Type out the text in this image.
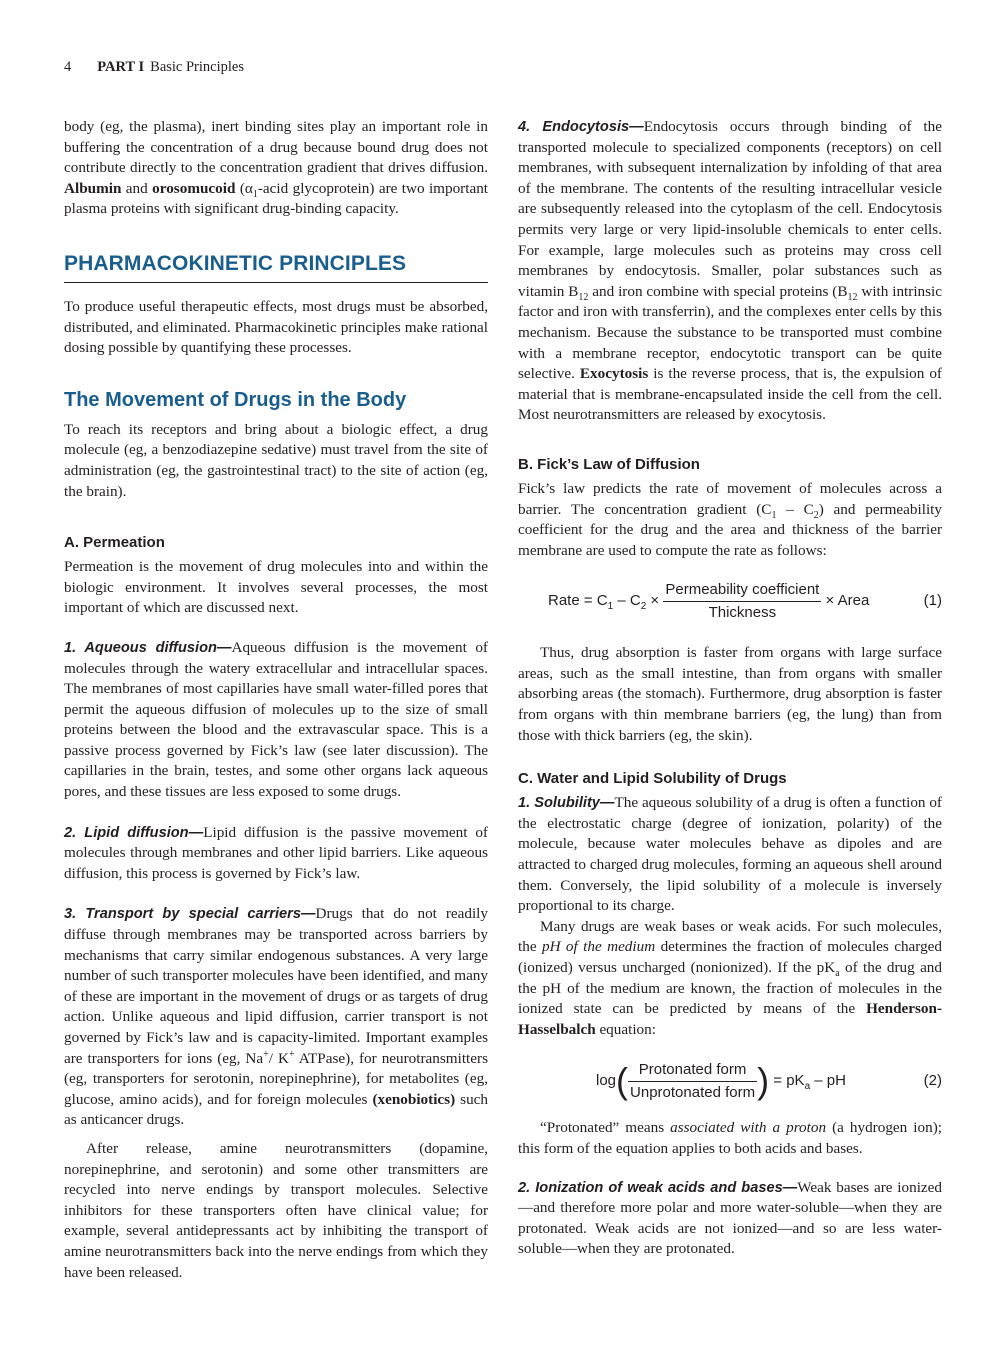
4 PART I Basic Principles

body (eg, the plasma), inert binding sites play an important role in buffering the concentration of a drug because bound drug does not contribute directly to the concentration gradient that drives diffusion. Albumin and orosomucoid ($\alpha_1$-acid glycoprotein) are two important plasma proteins with significant drug-binding capacity.

PHARMACOKINETIC PRINCIPLES

To produce useful therapeutic effects, most drugs must be absorbed, distributed, and eliminated. Pharmacokinetic principles make rational dosing possible by quantifying these processes.

The Movement of Drugs in the Body

To reach its receptors and bring about a biologic effect, a drug molecule (eg, a benzodiazepine sedative) must travel from the site of administration (eg, the gastrointestinal tract) to the site of action (eg, the brain).

A. Permeation

Permeation is the movement of drug molecules into and within the biologic environment. It involves several processes, the most important of which are discussed next.

1. Aqueous diffusion—Aqueous diffusion is the movement of molecules through the watery extracellular and intracellular spaces. The membranes of most capillaries have small water-filled pores that permit the aqueous diffusion of molecules up to the size of small proteins between the blood and the extravascular space. This is a passive process governed by Fick’s law (see later discussion). The capillaries in the brain, testes, and some other organs lack aqueous pores, and these tissues are less exposed to some drugs.

2. Lipid diffusion—Lipid diffusion is the passive movement of molecules through membranes and other lipid barriers. Like aqueous diffusion, this process is governed by Fick’s law.

3. Transport by special carriers—Drugs that do not readily diffuse through membranes may be transported across barriers by mechanisms that carry similar endogenous substances. A very large number of such transporter molecules have been identified, and many of these are important in the movement of drugs or as targets of drug action. Unlike aqueous and lipid diffusion, carrier transport is not governed by Fick’s law and is capacity-limited. Important examples are transporters for ions (eg, Na+/ K+ ATPase), for neurotransmitters (eg, transporters for serotonin, norepinephrine), for metabolites (eg, glucose, amino acids), and for foreign molecules (xenobiotics) such as anticancer drugs.

After release, amine neurotransmitters (dopamine, norepinephrine, and serotonin) and some other transmitters are recycled into nerve endings by transport molecules. Selective inhibitors for these transporters often have clinical value; for example, several antidepressants act by inhibiting the transport of amine neurotransmitters back into the nerve endings from which they have been released.

4. Endocytosis—Endocytosis occurs through binding of the transported molecule to specialized components (receptors) on cell membranes, with subsequent internalization by infolding of that area of the membrane. The contents of the resulting intracellular vesicle are subsequently released into the cytoplasm of the cell. Endocytosis permits very large or very lipid-insoluble chemicals to enter cells. For example, large molecules such as proteins may cross cell membranes by endocytosis. Smaller, polar substances such as vitamin $B_{12}$ and iron combine with special proteins ($B_{12}$ with intrinsic factor and iron with transferrin), and the complexes enter cells by this mechanism. Because the substance to be transported must combine with a membrane receptor, endocytotic transport can be quite selective. Exocytosis is the reverse process, that is, the expulsion of material that is membrane-encapsulated inside the cell from the cell. Most neurotransmitters are released by exocytosis.

B. Fick’s Law of Diffusion

Fick’s law predicts the rate of movement of molecules across a barrier. The concentration gradient $(C_1 - C_2)$ and permeability coefficient for the drug and the area and thickness of the barrier membrane are used to compute the rate as follows:

Rate = $C_1 - C_2 \times \frac{\text{Permeability coefficient}}{\text{Thickness}}$ × Area	(1)

Thus, drug absorption is faster from organs with large surface areas, such as the small intestine, than from organs with smaller absorbing areas (the stomach). Furthermore, drug absorption is faster from organs with thin membrane barriers (eg, the lung) than from those with thick barriers (eg, the skin).

C. Water and Lipid Solubility of Drugs

1. Solubility—The aqueous solubility of a drug is often a function of the electrostatic charge (degree of ionization, polarity) of the molecule, because water molecules behave as dipoles and are attracted to charged drug molecules, forming an aqueous shell around them. Conversely, the lipid solubility of a molecule is inversely proportional to its charge.

Many drugs are weak bases or weak acids. For such molecules, the pH of the medium determines the fraction of molecules charged (ionized) versus uncharged (nonionized). If the $pK_a$ of the drug and the pH of the medium are known, the fraction of molecules in the ionized state can be predicted by means of the Henderson-Hasselbalch equation:

$\log( \frac{\text{Protonated form}}{\text{Unprotonated form}}$ ) = $pK_a$ – pH	(2)

“Protonated” means associated with a proton (a hydrogen ion); this form of the equation applies to both acids and bases.

2. Ionization of weak acids and bases—Weak bases are ionized—and therefore more polar and more water-soluble—when they are protonated. Weak acids are not ionized—and so are less water-soluble—when they are protonated.
